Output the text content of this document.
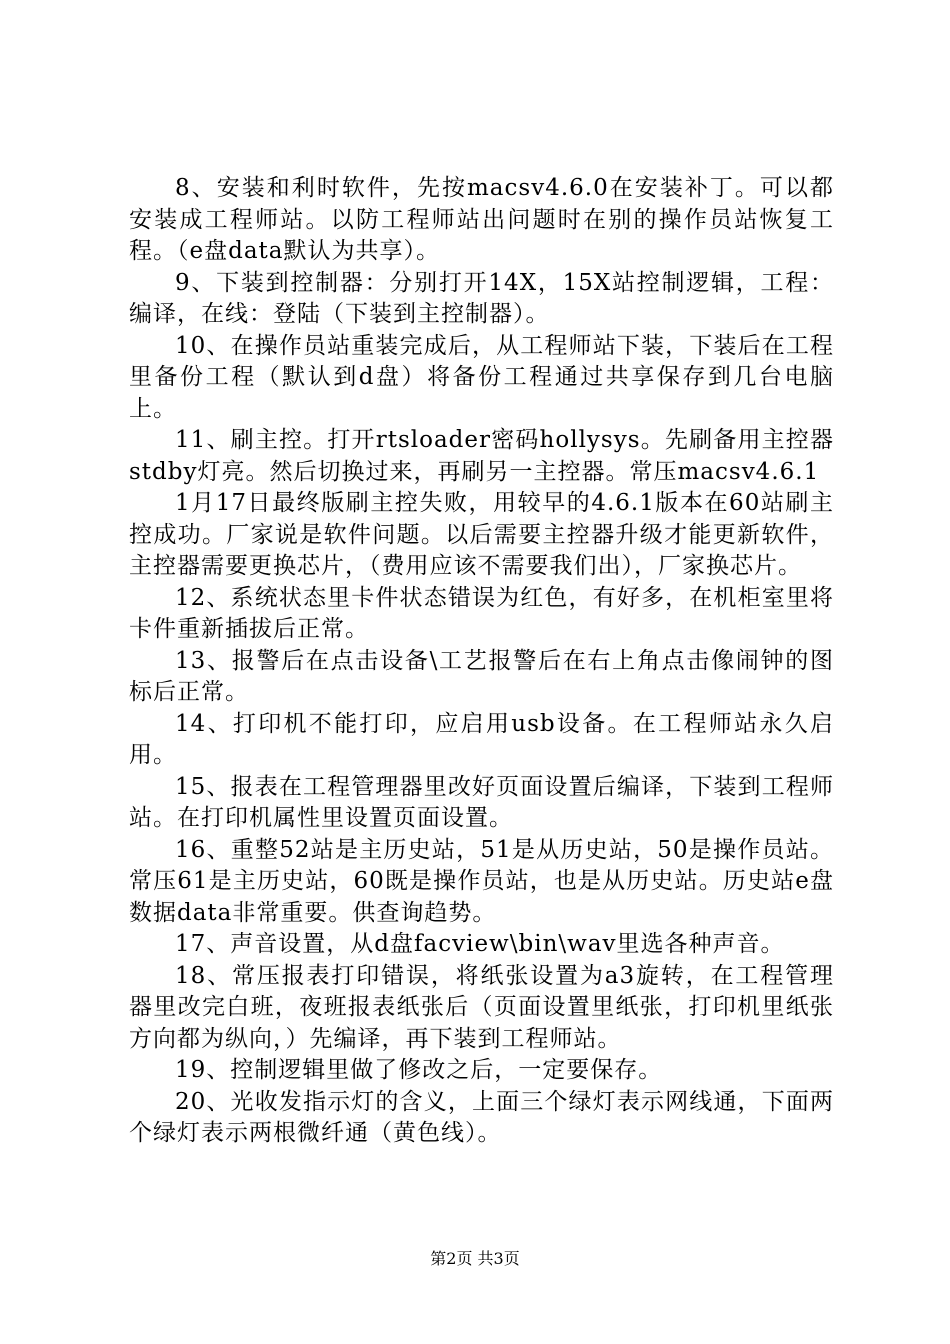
8、安装和利时软件，先按macsv4.6.0在安装补丁。可以都安装成工程师站。以防工程师站出问题时在别的操作员站恢复工程。（e盘data默认为共享）。

9、下装到控制器：分别打开14X，15X站控制逻辑，工程：编译，在线：登陆（下装到主控制器）。

10、在操作员站重装完成后，从工程师站下装，下装后在工程里备份工程（默认到d盘）将备份工程通过共享保存到几台电脑上。

11、刷主控。打开rtsloader密码hollysys。先刷备用主控器stdby灯亮。然后切换过来，再刷另一主控器。常压macsv4.6.1

1月17日最终版刷主控失败，用较早的4.6.1版本在60站刷主控成功。厂家说是软件问题。以后需要主控器升级才能更新软件，主控器需要更换芯片，（费用应该不需要我们出），厂家换芯片。

12、系统状态里卡件状态错误为红色，有好多，在机柜室里将卡件重新插拔后正常。

13、报警后在点击设备\工艺报警后在右上角点击像闹钟的图标后正常。

14、打印机不能打印，应启用usb设备。在工程师站永久启用。

15、报表在工程管理器里改好页面设置后编译，下装到工程师站。在打印机属性里设置页面设置。

16、重整52站是主历史站，51是从历史站，50是操作员站。常压61是主历史站，60既是操作员站，也是从历史站。历史站e盘数据data非常重要。供查询趋势。

17、声音设置，从d盘facview\bin\wav里选各种声音。

18、常压报表打印错误，将纸张设置为a3旋转，在工程管理器里改完白班，夜班报表纸张后（页面设置里纸张，打印机里纸张方向都为纵向，）先编译，再下装到工程师站。

19、控制逻辑里做了修改之后，一定要保存。

20、光收发指示灯的含义，上面三个绿灯表示网线通，下面两个绿灯表示两根微纤通（黄色线）。

第2页 共3页
